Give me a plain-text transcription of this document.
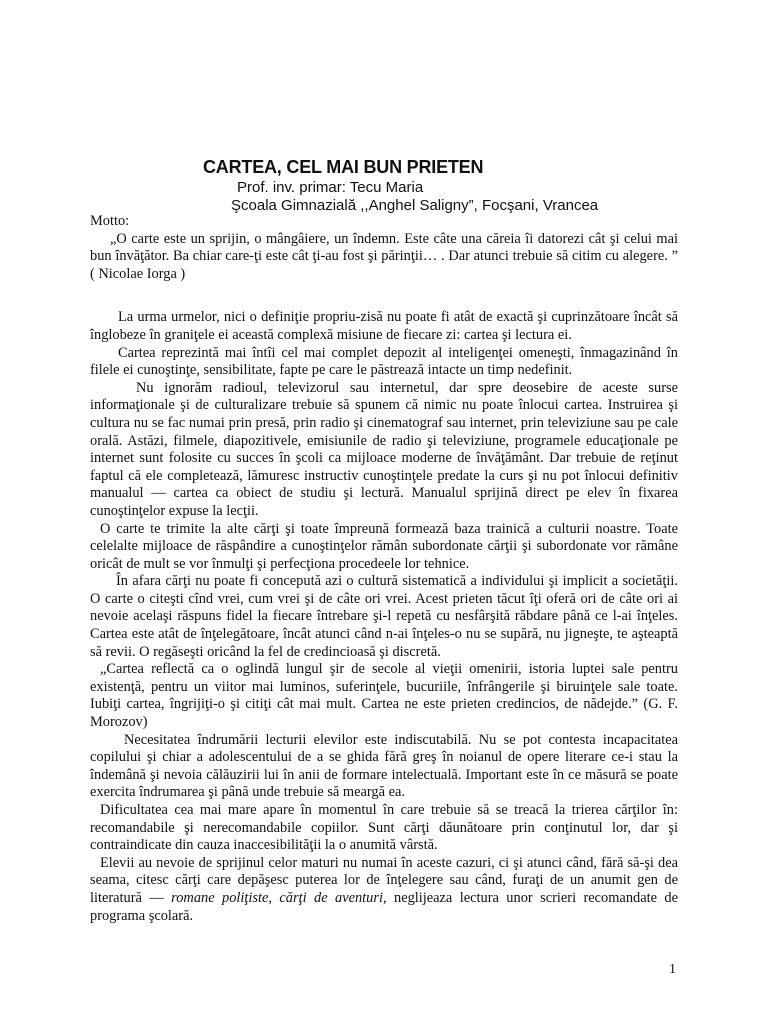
CARTEA, CEL MAI BUN PRIETEN
Prof. inv. primar: Tecu Maria
Şcoala Gimnazială ,,Anghel Saligny”, Focşani, Vrancea

Motto:

„O carte este un sprijin, o mângâiere, un îndemn. Este câte una căreia îi datorezi cât şi celui mai bun învăţător. Ba chiar care-ţi este cât ţi-au fost şi părinţii… . Dar atunci trebuie să citim cu alegere. ” ( Nicolae Iorga )

La urma urmelor, nici o definiţie propriu-zisă nu poate fi atât de exactă şi cuprinzătoare încât să înglobeze în graniţele ei această complexă misiune de fiecare zi: cartea şi lectura ei.

Cartea reprezintă mai întîi cel mai complet depozit al inteligenţei omeneşti, înmagazinând în filele ei cunoştinţe, sensibilitate, fapte pe care le păstrează intacte un timp nedefinit.

Nu ignorăm radioul, televizorul sau internetul, dar spre deosebire de aceste surse informaţionale şi de culturalizare trebuie să spunem că nimic nu poate înlocui cartea. Instruirea şi cultura nu se fac numai prin presă, prin radio şi cinematograf sau internet, prin televiziune sau pe cale orală. Astăzi, filmele, diapozitivele, emisiunile de radio şi televiziune, programele educaţionale pe internet sunt folosite cu succes în şcoli ca mijloace moderne de învăţământ. Dar trebuie de reţinut faptul că ele completează, lămuresc instructiv cunoştinţele predate la curs şi nu pot înlocui definitiv manualul — cartea ca obiect de studiu şi lectură. Manualul sprijină direct pe elev în fixarea cunoştinţelor expuse la lecţii.

O carte te trimite la alte cărţi şi toate împreună formează baza trainică a culturii noastre. Toate celelalte mijloace de răspândire a cunoştinţelor rămân subordonate cărţii şi subordonate vor rămâne oricât de mult se vor înmulţi şi perfecţiona procedeele lor tehnice.

În afara cărţi nu poate fi concepută azi o cultură sistematică a individului şi implicit a societăţii. O carte o citeşti cînd vrei, cum vrei şi de câte ori vrei. Acest prieten tăcut îţi oferă ori de câte ori ai nevoie acelaşi răspuns fidel la fiecare întrebare şi-l repetă cu nesfârşită răbdare până ce l-ai înţeles. Cartea este atât de înţelegătoare, încât atunci când n-ai înţeles-o nu se supără, nu jigneşte, te aşteaptă să revii. O regăseşti oricând la fel de credincioasă şi discretă.

„Cartea reflectă ca o oglindă lungul şir de secole al vieţii omenirii, istoria luptei sale pentru existenţă, pentru un viitor mai luminos, suferinţele, bucuriile, înfrângerile şi biruinţele sale toate. Iubiţi cartea, îngrijiţi-o şi citiţi cât mai mult. Cartea ne este prieten credincios, de nădejde.” (G. F. Morozov)

Necesitatea îndrumării lecturii elevilor este indiscutabilă. Nu se pot contesta incapacitatea copilului şi chiar a adolescentului de a se ghida fără greş în noianul de opere literare ce-i stau la îndemână şi nevoia călăuzirii lui în anii de formare intelectuală. Important este în ce măsură se poate exercita îndrumarea şi până unde trebuie să meargă ea.

Dificultatea cea mai mare apare în momentul în care trebuie să se treacă la trierea cărţilor în: recomandabile şi nerecomandabile copiilor. Sunt cărţi dăunătoare prin conţinutul lor, dar şi contraindicate din cauza inaccesibilităţii la o anumită vârstă.

Elevii au nevoie de sprijinul celor maturi nu numai în aceste cazuri, ci şi atunci când, fără să-şi dea seama, citesc cărţi care depăşesc puterea lor de înţelegere sau când, furaţi de un anumit gen de literatură — romane poliţiste, cărţi de aventuri, neglijeaza lectura unor scrieri recomandate de programa şcolară.

1
